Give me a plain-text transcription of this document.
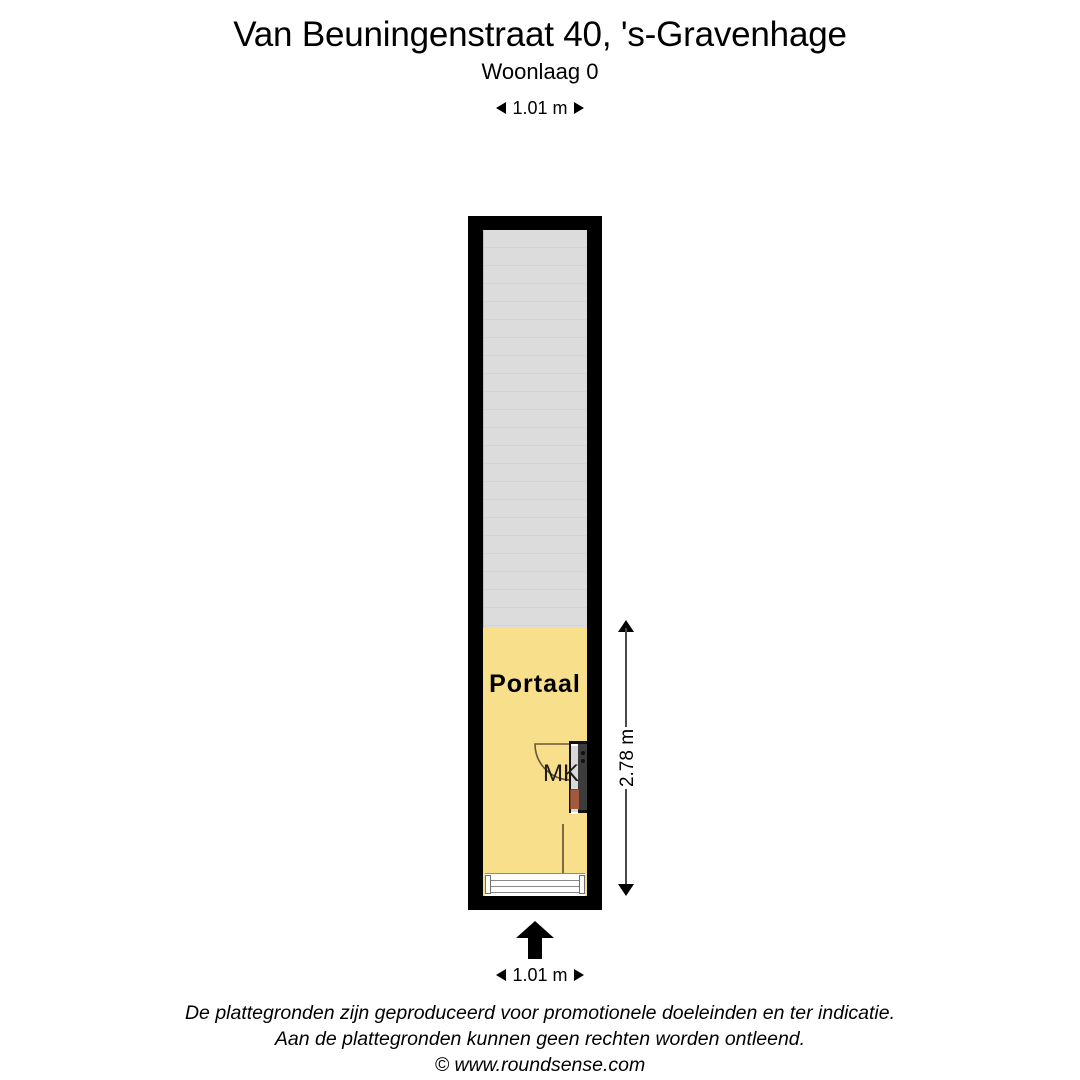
Van Beuningenstraat 40, 's-Gravenhage
Woonlaag 0
1.01 m
Portaal
MK	2.78 m
1.01 m
De plattegronden zijn geproduceerd voor promotionele doeleinden en ter indicatie.
Aan de plattegronden kunnen geen rechten worden ontleend.
© www.roundsense.com
